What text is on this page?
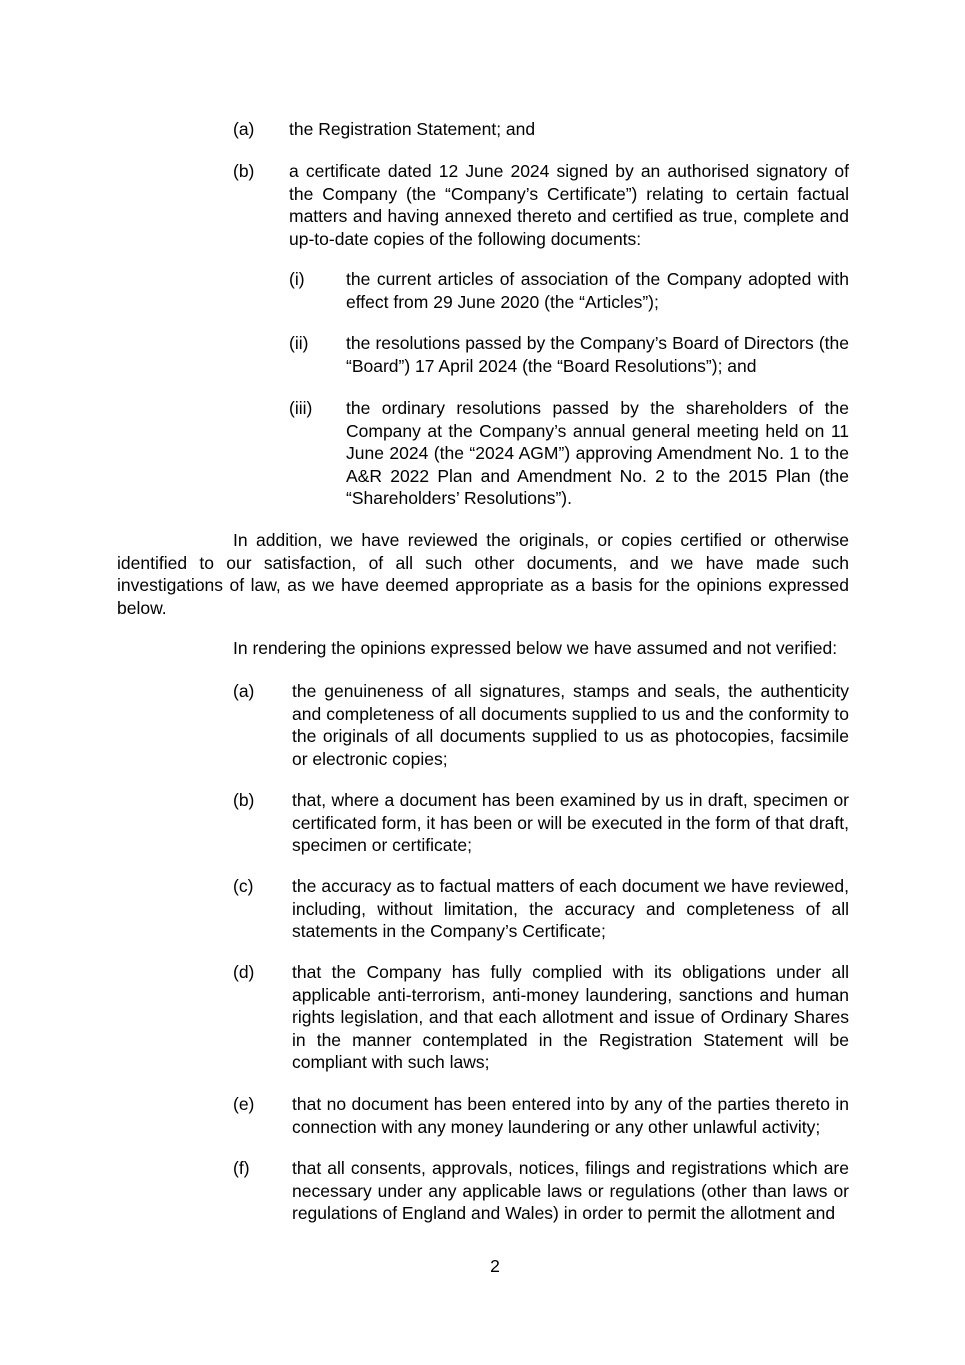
(a) the Registration Statement; and
(b) a certificate dated 12 June 2024 signed by an authorised signatory of the Company (the “Company’s Certificate”) relating to certain factual matters and having annexed thereto and certified as true, complete and up-to-date copies of the following documents:
(i) the current articles of association of the Company adopted with effect from 29 June 2020 (the “Articles”);
(ii) the resolutions passed by the Company’s Board of Directors (the “Board”) 17 April 2024 (the “Board Resolutions”); and
(iii) the ordinary resolutions passed by the shareholders of the Company at the Company’s annual general meeting held on 11 June 2024 (the “2024 AGM”) approving Amendment No. 1 to the A&R 2022 Plan and Amendment No. 2 to the 2015 Plan (the “Shareholders’ Resolutions”).

In addition, we have reviewed the originals, or copies certified or otherwise identified to our satisfaction, of all such other documents, and we have made such investigations of law, as we have deemed appropriate as a basis for the opinions expressed below.

In rendering the opinions expressed below we have assumed and not verified:

(a) the genuineness of all signatures, stamps and seals, the authenticity and completeness of all documents supplied to us and the conformity to the originals of all documents supplied to us as photocopies, facsimile or electronic copies;
(b) that, where a document has been examined by us in draft, specimen or certificated form, it has been or will be executed in the form of that draft, specimen or certificate;
(c) the accuracy as to factual matters of each document we have reviewed, including, without limitation, the accuracy and completeness of all statements in the Company’s Certificate;
(d) that the Company has fully complied with its obligations under all applicable anti-terrorism, anti-money laundering, sanctions and human rights legislation, and that each allotment and issue of Ordinary Shares in the manner contemplated in the Registration Statement will be compliant with such laws;
(e) that no document has been entered into by any of the parties thereto in connection with any money laundering or any other unlawful activity;
(f) that all consents, approvals, notices, filings and registrations which are necessary under any applicable laws or regulations (other than laws or regulations of England and Wales) in order to permit the allotment and
2
